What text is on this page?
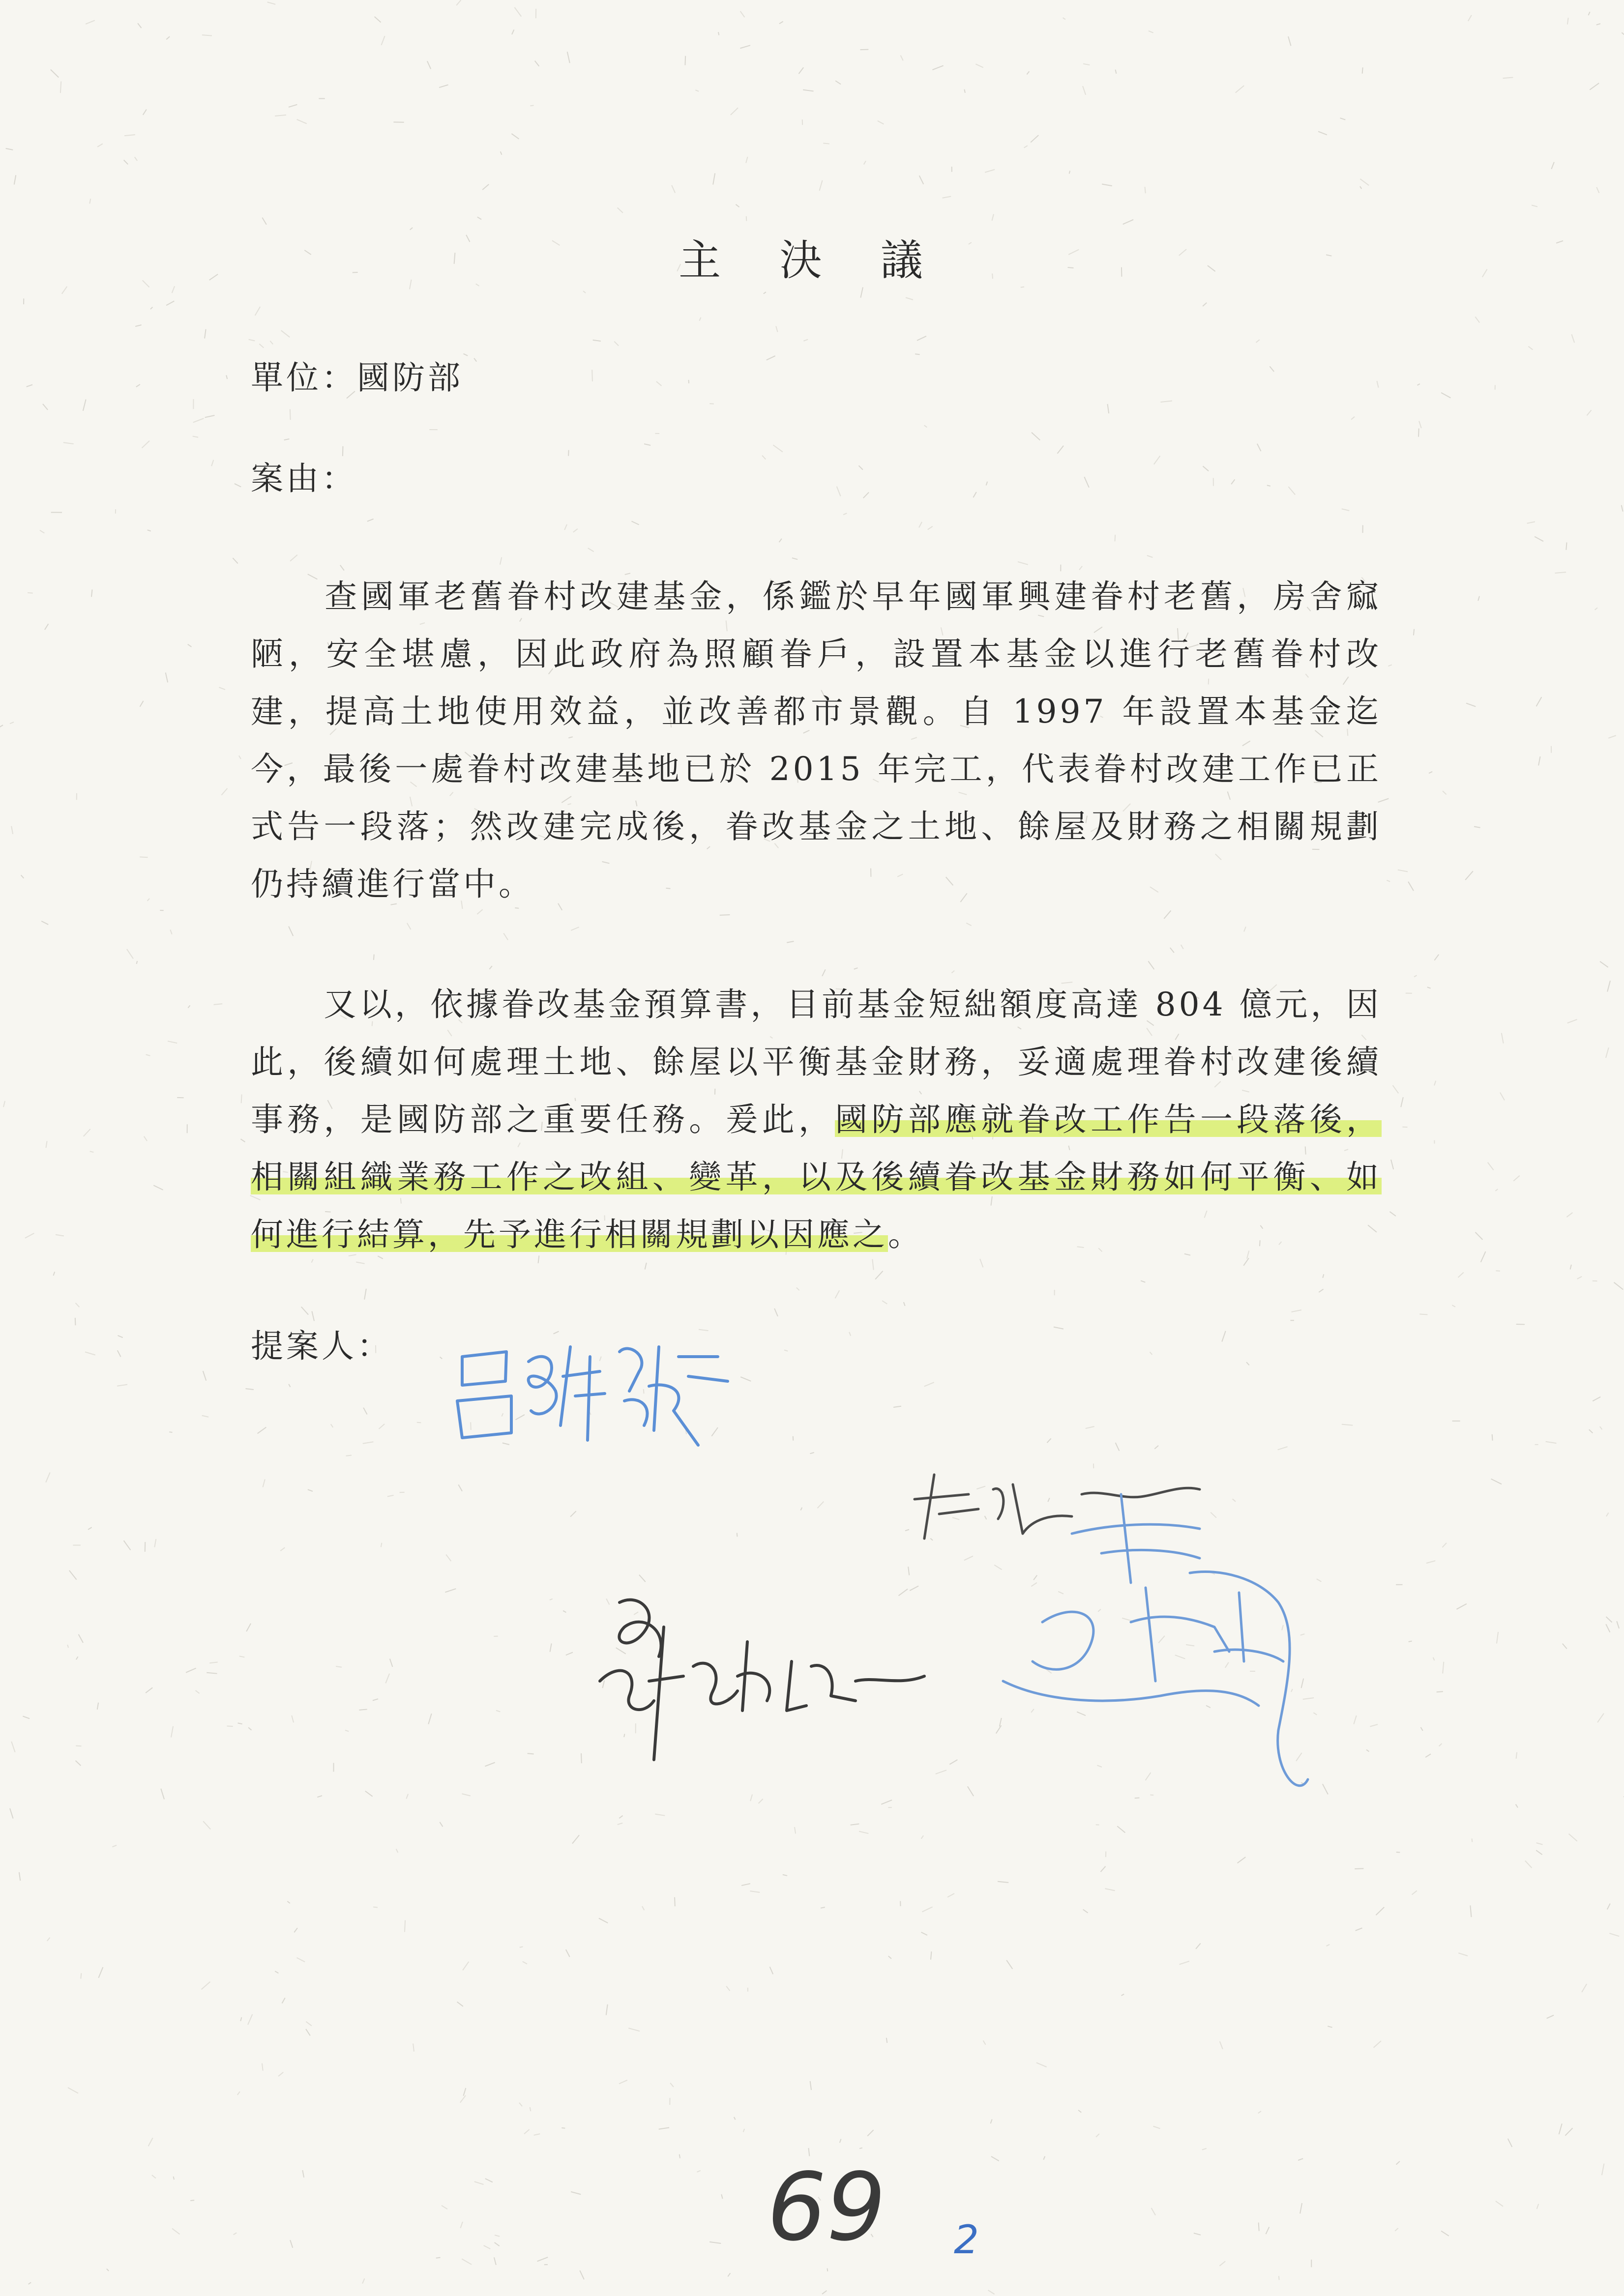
主 決 議
單位：國防部
案由：

查國軍老舊眷村改建基金，係鑑於早年國軍興建眷村老舊，房舍窳陋，安全堪慮，因此政府為照顧眷戶，設置本基金以進行老舊眷村改建，提高土地使用效益，並改善都市景觀。自 1997 年設置本基金迄今，最後一處眷村改建基地已於 2015 年完工，代表眷村改建工作已正式告一段落；然改建完成後，眷改基金之土地、餘屋及財務之相關規劃仍持續進行當中。

又以，依據眷改基金預算書，目前基金短絀額度高達 804 億元，因此，後續如何處理土地、餘屋以平衡基金財務，妥適處理眷村改建後續事務，是國防部之重要任務。爰此，國防部應就眷改工作告一段落後，相關組織業務工作之改組、變革，以及後續眷改基金財務如何平衡、如何進行結算，先予進行相關規劃以因應之。

提案人：
69 2
